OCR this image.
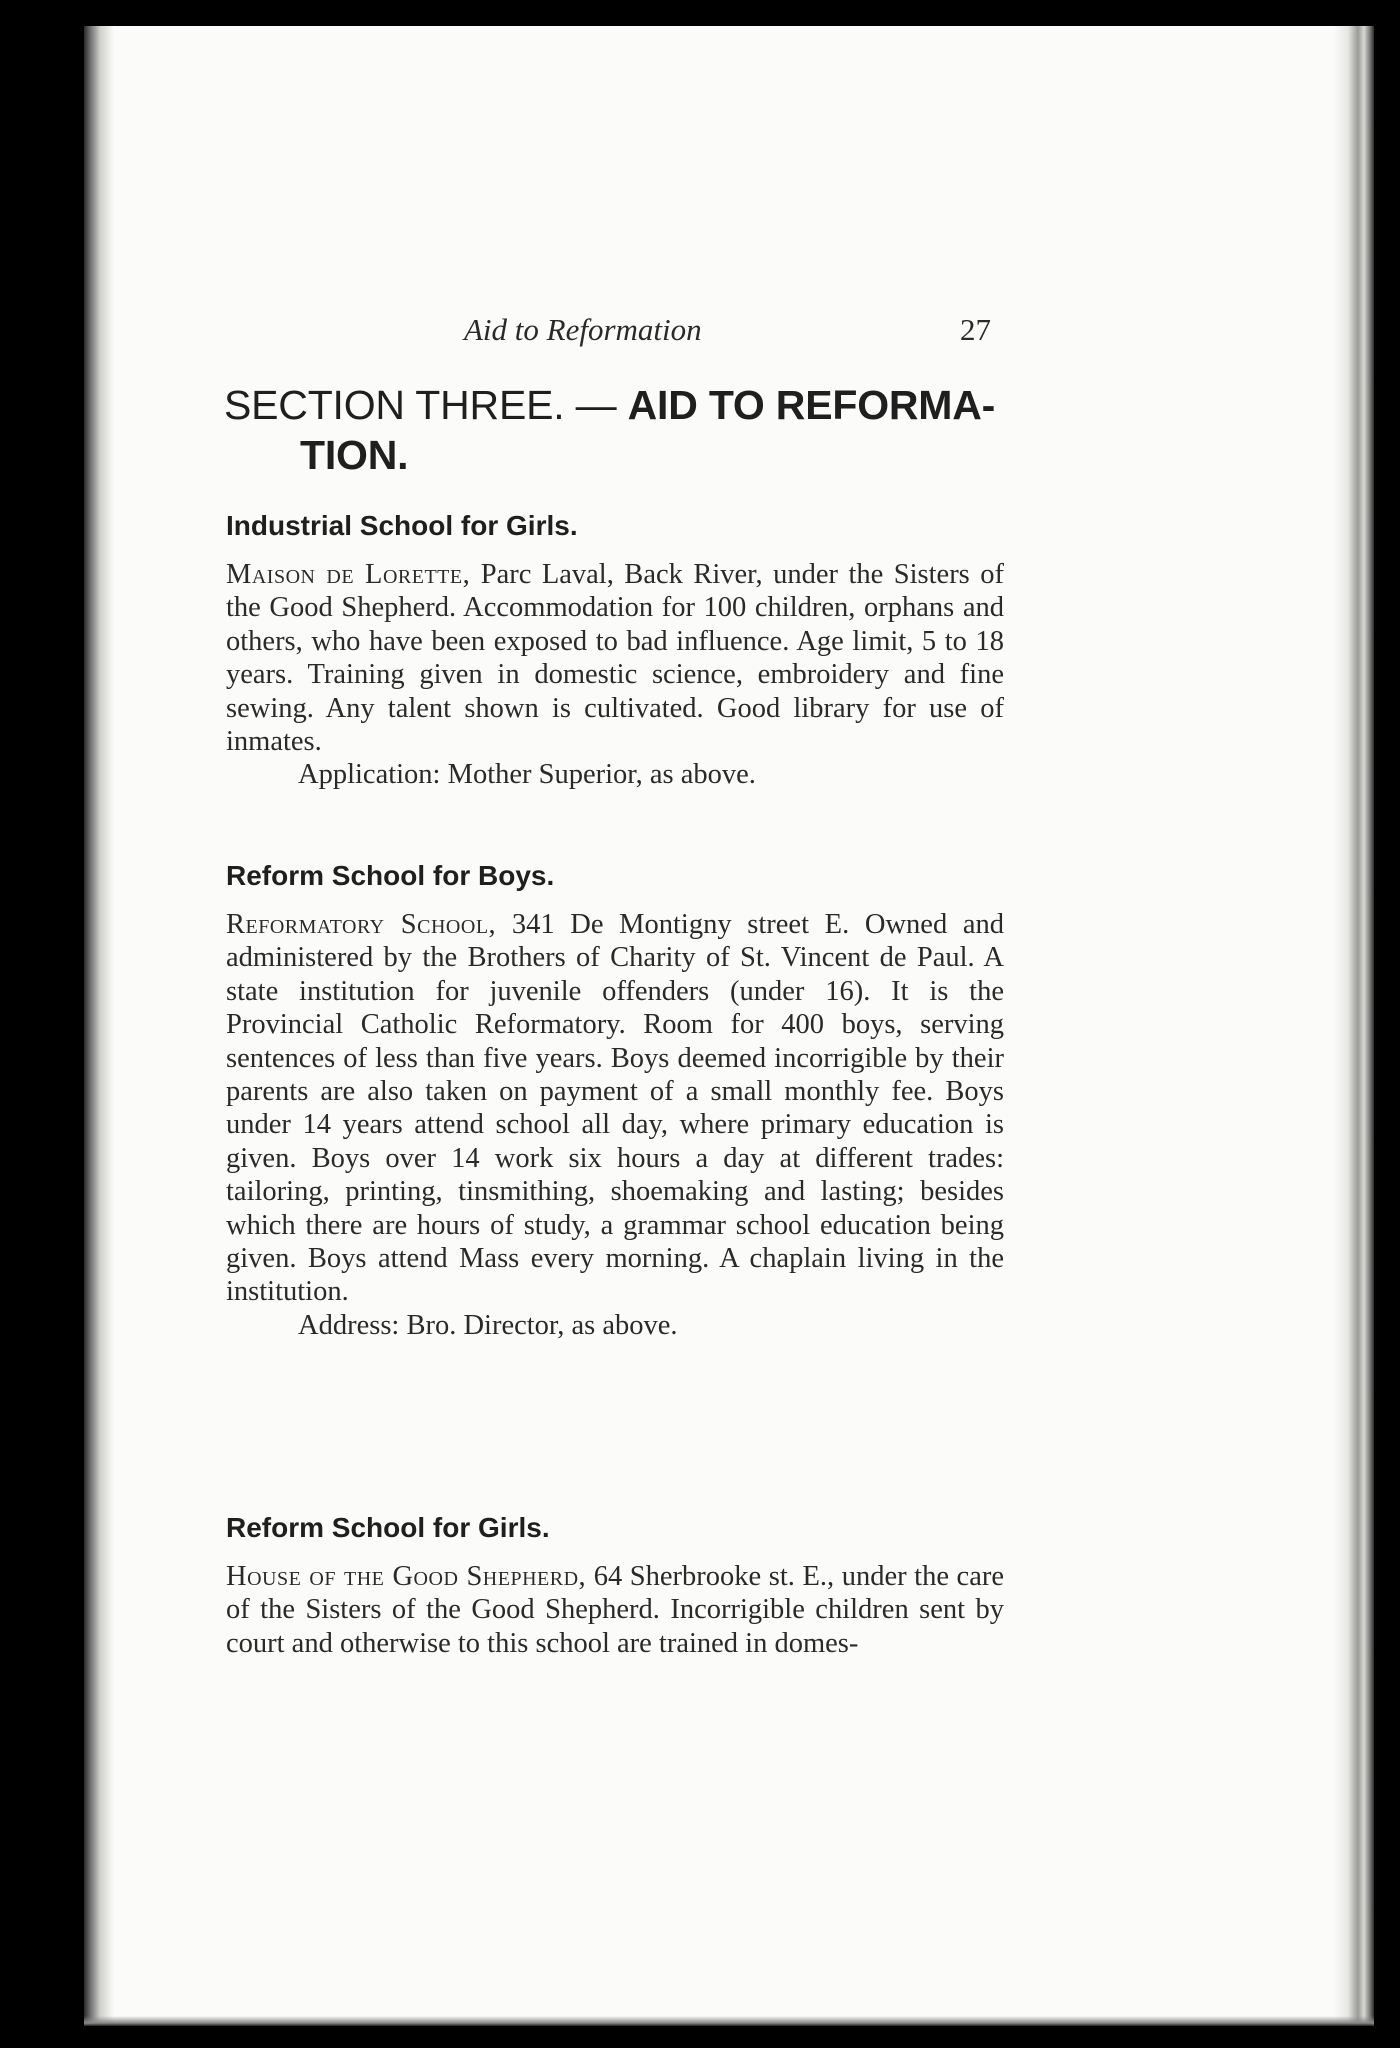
Aid to Reformation	27
SECTION THREE. — AID TO REFORMA-
TION.
Industrial School for Girls.
Maison de Lorette, Parc Laval, Back River, under the Sisters of the Good Shepherd. Accommodation for 100 children, orphans and others, who have been exposed to bad influence. Age limit, 5 to 18 years. Training given in domestic science, embroidery and fine sewing. Any talent shown is cultivated. Good library for use of inmates.
Application: Mother Superior, as above.
Reform School for Boys.
Reformatory School, 341 De Montigny street E. Owned and administered by the Brothers of Charity of St. Vincent de Paul. A state institution for juvenile offenders (under 16). It is the Provincial Catholic Reformatory. Room for 400 boys, serving sentences of less than five years. Boys deemed incorrigible by their parents are also taken on payment of a small monthly fee. Boys under 14 years attend school all day, where primary education is given. Boys over 14 work six hours a day at different trades: tailoring, printing, tinsmithing, shoemaking and lasting; besides which there are hours of study, a grammar school education being given. Boys attend Mass every morning. A chaplain living in the institution.
Address: Bro. Director, as above.
Reform School for Girls.
House of the Good Shepherd, 64 Sherbrooke st. E., under the care of the Sisters of the Good Shepherd. Incorrigible children sent by court and otherwise to this school are trained in domes-
